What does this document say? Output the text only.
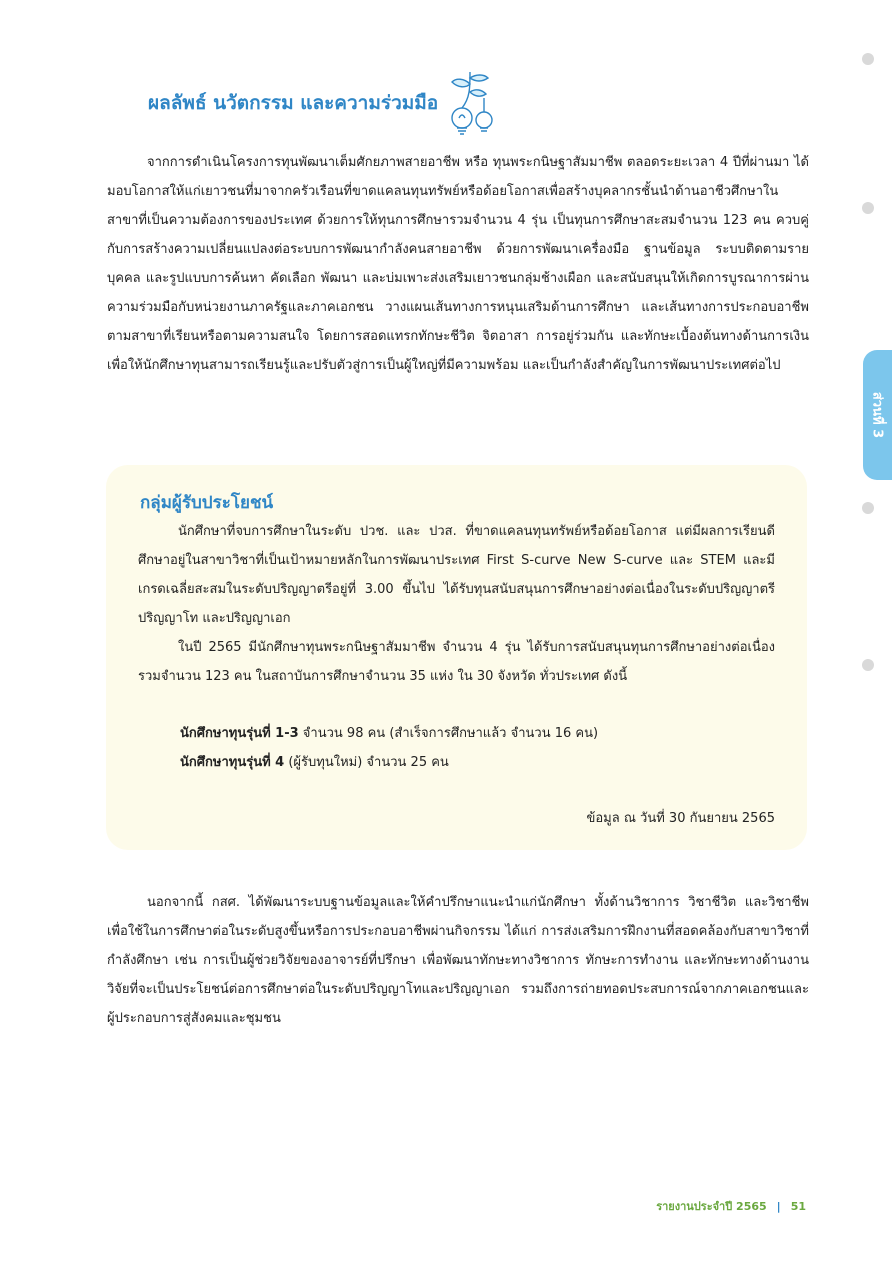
ผลลัพธ์ นวัตกรรม และความร่วมมือ

จากการดำเนินโครงการทุนพัฒนาเต็มศักยภาพสายอาชีพ หรือ ทุนพระกนิษฐาสัมมาชีพ ตลอดระยะเวลา 4 ปีที่ผ่านมา ได้มอบโอกาสให้แก่เยาวชนที่มาจากครัวเรือนที่ขาดแคลนทุนทรัพย์หรือด้อยโอกาสเพื่อสร้างบุคลากรชั้นนำด้านอาชีวศึกษาในสาขาที่เป็นความต้องการของประเทศ ด้วยการให้ทุนการศึกษารวมจำนวน 4 รุ่น เป็นทุนการศึกษาสะสมจำนวน 123 คน ควบคู่กับการสร้างความเปลี่ยนแปลงต่อระบบการพัฒนากำลังคนสายอาชีพ ด้วยการพัฒนาเครื่องมือ ฐานข้อมูล ระบบติดตามรายบุคคล และรูปแบบการค้นหา คัดเลือก พัฒนา และบ่มเพาะส่งเสริมเยาวชนกลุ่มช้างเผือก และสนับสนุนให้เกิดการบูรณาการผ่านความร่วมมือกับหน่วยงานภาครัฐและภาคเอกชน วางแผนเส้นทางการหนุนเสริมด้านการศึกษา และเส้นทางการประกอบอาชีพตามสาขาที่เรียนหรือตามความสนใจ โดยการสอดแทรกทักษะชีวิต จิตอาสา การอยู่ร่วมกัน และทักษะเบื้องต้นทางด้านการเงิน เพื่อให้นักศึกษาทุนสามารถเรียนรู้และปรับตัวสู่การเป็นผู้ใหญ่ที่มีความพร้อม และเป็นกำลังสำคัญในการพัฒนาประเทศต่อไป

กลุ่มผู้รับประโยชน์

นักศึกษาที่จบการศึกษาในระดับ ปวช. และ ปวส. ที่ขาดแคลนทุนทรัพย์หรือด้อยโอกาส แต่มีผลการเรียนดี ศึกษาอยู่ในสาขาวิชาที่เป็นเป้าหมายหลักในการพัฒนาประเทศ First S-curve New S-curve และ STEM และมีเกรดเฉลี่ยสะสมในระดับปริญญาตรีอยู่ที่ 3.00 ขึ้นไป ได้รับทุนสนับสนุนการศึกษาอย่างต่อเนื่องในระดับปริญญาตรี ปริญญาโท และปริญญาเอก

ในปี 2565 มีนักศึกษาทุนพระกนิษฐาสัมมาชีพ จำนวน 4 รุ่น ได้รับการสนับสนุนทุนการศึกษาอย่างต่อเนื่อง รวมจำนวน 123 คน ในสถาบันการศึกษาจำนวน 35 แห่ง ใน 30 จังหวัด ทั่วประเทศ ดังนี้

นักศึกษาทุนรุ่นที่ 1-3 จำนวน 98 คน (สำเร็จการศึกษาแล้ว จำนวน 16 คน)

นักศึกษาทุนรุ่นที่ 4 (ผู้รับทุนใหม่) จำนวน 25 คน

ข้อมูล ณ วันที่ 30 กันยายน 2565

นอกจากนี้ กสศ. ได้พัฒนาระบบฐานข้อมูลและให้คำปรึกษาแนะนำแก่นักศึกษา ทั้งด้านวิชาการ วิชาชีวิต และวิชาชีพ เพื่อใช้ในการศึกษาต่อในระดับสูงขึ้นหรือการประกอบอาชีพผ่านกิจกรรม ได้แก่ การส่งเสริมการฝึกงานที่สอดคล้องกับสาขาวิชาที่กำลังศึกษา เช่น การเป็นผู้ช่วยวิจัยของอาจารย์ที่ปรึกษา เพื่อพัฒนาทักษะทางวิชาการ ทักษะการทำงาน และทักษะทางด้านงานวิจัยที่จะเป็นประโยชน์ต่อการศึกษาต่อในระดับปริญญาโทและปริญญาเอก รวมถึงการถ่ายทอดประสบการณ์จากภาคเอกชนและผู้ประกอบการสู่สังคมและชุมชน

ส่วนที่ 3
รายงานประจำปี 2565 | 51
